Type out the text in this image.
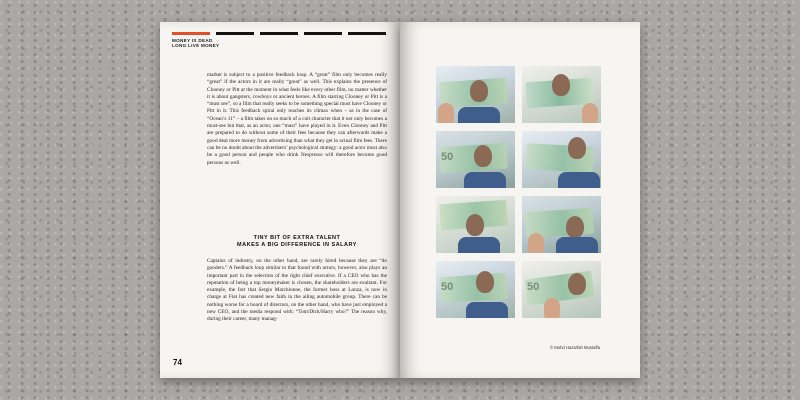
MONEY IS DEAD
LONG LIVE MONEY

market is subject to a positive feedback loop. A “great” film only becomes really “great” if the actors in it are really “great” as well. This explains the presence of Clooney or Pitt at the moment in what feels like every other film, no matter whether it is about gangsters, cowboys or ancient heroes. A film starring Clooney or Pitt is a “must see”, so a film that really seeks to be something special must have Clooney or Pitt in it. This feedback spiral only reaches its climax when – as in the case of “Ocean’s 11” – a film takes on so much of a cult character that it not only becomes a must-see but that, as an actor, one “must” have played in it. Even Clooney and Pitt are prepared to do without some of their fees because they can afterwards make a good deal more money from advertising than what they get in actual film fees. There can be no doubt about the advertisers’ psychological strategy: a good actor must also be a good person and people who drink Nespresso will therefore become good persons as well.

TINY BIT OF EXTRA TALENT
MAKES A BIG DIFFERENCE IN SALARY

Captains of industry, on the other hand, are rarely hired because they are “do gooders.” A feedback loop similar to that found with actors, however, also plays an important part in the selection of the right chief executive. If a CEO who has the reputation of being a top moneymaker is chosen, the shareholders are exultant. For example, the fact that Sergio Marchionne, the former boss at Lonza, is now in charge at Fiat has created new faith in the ailing automobile group. There can be nothing worse for a board of directors, on the other hand, who have just employed a new CEO, and the media respond with: “Tom/Dick/Harry who?” The reason why, during their career, many manag-

74
50
50	50
© Mohd Hazarfah Mustaffa
